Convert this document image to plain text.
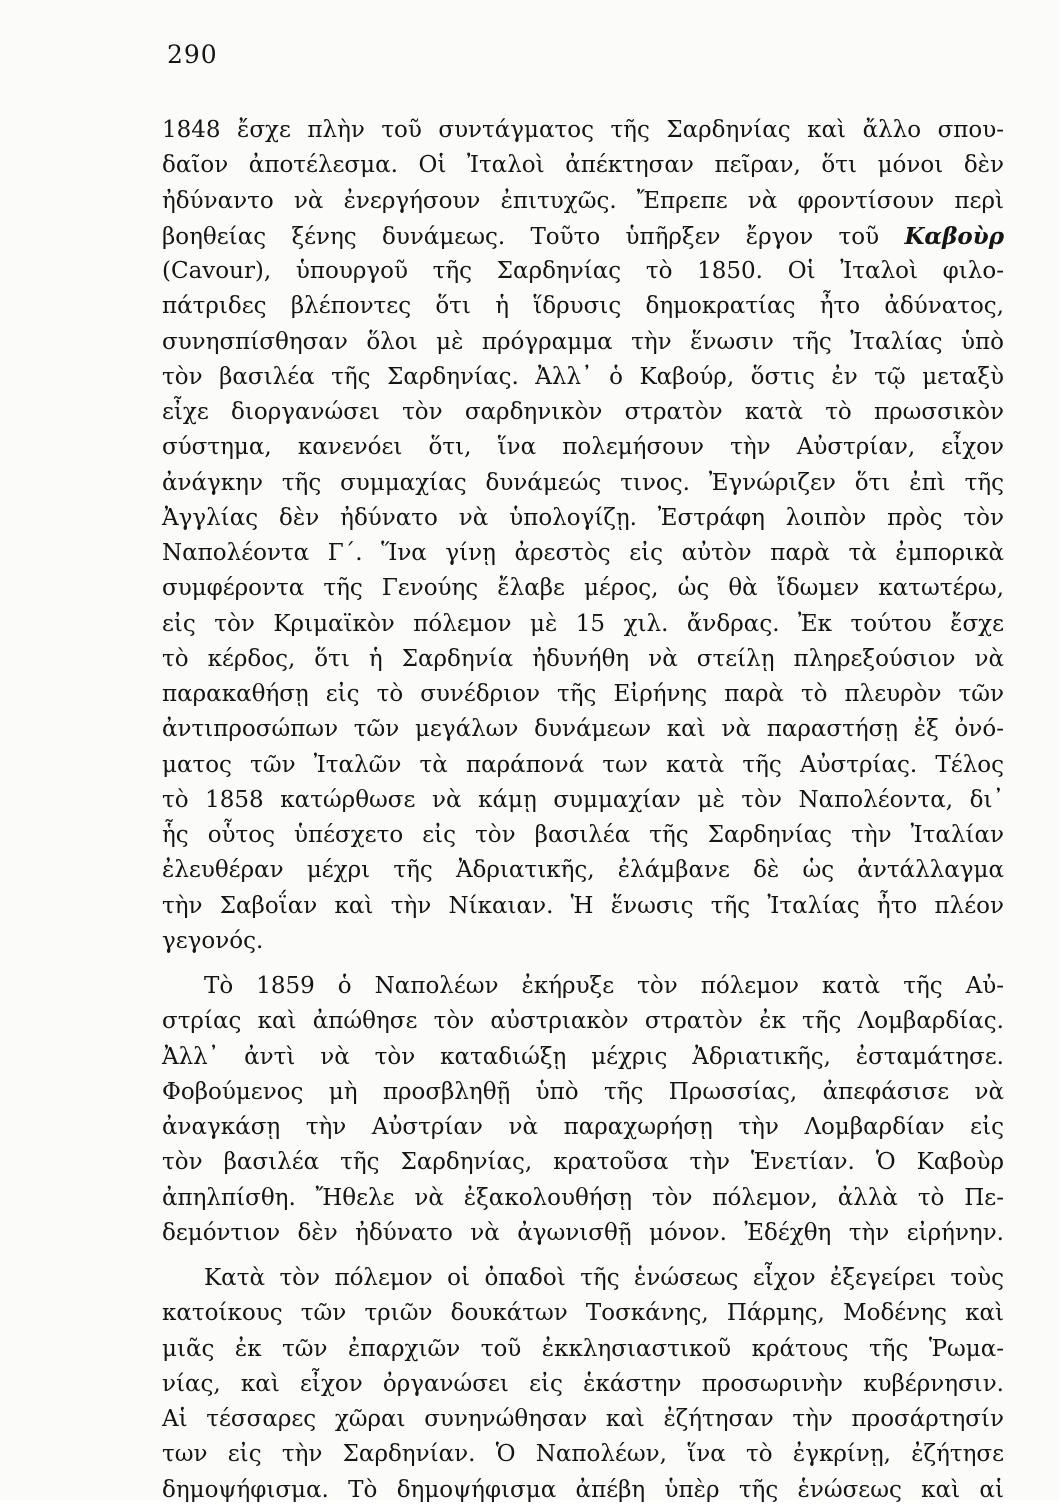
290
1848 ἔσχε πλὴν τοῦ συντάγματος τῆς Σαρδηνίας καὶ ἄλλο σπου-
δαῖον ἀποτέλεσμα. Οἱ Ἰταλοὶ ἀπέκτησαν πεῖραν, ὅτι μόνοι δὲν
ἠδύναντο νὰ ἐνεργήσουν ἐπιτυχῶς. Ἔπρεπε νὰ φροντίσουν περὶ
βοηθείας ξένης δυνάμεως. Τοῦτο ὑπῆρξεν ἔργον τοῦ Καβοὺρ
(Cavour), ὑπουργοῦ τῆς Σαρδηνίας τὸ 1850. Οἱ Ἰταλοὶ φιλο-
πάτριδες βλέποντες ὅτι ἡ ἵδρυσις δημοκρατίας ἦτο ἀδύνατος,
συνησπίσθησαν ὅλοι μὲ πρόγραμμα τὴν ἕνωσιν τῆς Ἰταλίας ὑπὸ
τὸν βασιλέα τῆς Σαρδηνίας. Ἀλλ᾽ ὁ Καβούρ, ὅστις ἐν τῷ μεταξὺ
εἶχε διοργανώσει τὸν σαρδηνικὸν στρατὸν κατὰ τὸ πρωσσικὸν
σύστημα, κανενόει ὅτι, ἵνα πολεμήσουν τὴν Αὐστρίαν, εἶχον
ἀνάγκην τῆς συμμαχίας δυνάμεώς τινος. Ἐγνώριζεν ὅτι ἐπὶ τῆς
Ἀγγλίας δὲν ἠδύνατο νὰ ὑπολογίζῃ. Ἐστράφη λοιπὸν πρὸς τὸν
Ναπολέοντα Γ΄. Ἵνα γίνῃ ἀρεστὸς εἰς αὐτὸν παρὰ τὰ ἐμπορικὰ
συμφέροντα τῆς Γενούης ἔλαβε μέρος, ὡς θὰ ἴδωμεν κατωτέρω,
εἰς τὸν Κριμαϊκὸν πόλεμον μὲ 15 χιλ. ἄνδρας. Ἐκ τούτου ἔσχε
τὸ κέρδος, ὅτι ἡ Σαρδηνία ἠδυνήθη νὰ στείλῃ πληρεξούσιον νὰ
παρακαθήσῃ εἰς τὸ συνέδριον τῆς Εἰρήνης παρὰ τὸ πλευρὸν τῶν
ἀντιπροσώπων τῶν μεγάλων δυνάμεων καὶ νὰ παραστήσῃ ἐξ ὀνό-
ματος τῶν Ἰταλῶν τὰ παράπονά των κατὰ τῆς Αὐστρίας. Τέλος
τὸ 1858 κατώρθωσε νὰ κάμῃ συμμαχίαν μὲ τὸν Ναπολέοντα, δι᾽
ἧς οὗτος ὑπέσχετο εἰς τὸν βασιλέα τῆς Σαρδηνίας τὴν Ἰταλίαν
ἐλευθέραν μέχρι τῆς Ἀδριατικῆς, ἐλάμβανε δὲ ὡς ἀντάλλαγμα
τὴν Σαβοΐαν καὶ τὴν Νίκαιαν. Ἡ ἕνωσις τῆς Ἰταλίας ἦτο πλέον
γεγονός.
Τὸ 1859 ὁ Ναπολέων ἐκήρυξε τὸν πόλεμον κατὰ τῆς Αὐ-
στρίας καὶ ἀπώθησε τὸν αὐστριακὸν στρατὸν ἐκ τῆς Λομβαρδίας.
Ἀλλ᾽ ἀντὶ νὰ τὸν καταδιώξῃ μέχρις Ἀδριατικῆς, ἐσταμάτησε.
Φοβούμενος μὴ προσβληθῇ ὑπὸ τῆς Πρωσσίας, ἀπεφάσισε νὰ
ἀναγκάσῃ τὴν Αὐστρίαν νὰ παραχωρήσῃ τὴν Λομβαρδίαν εἰς
τὸν βασιλέα τῆς Σαρδηνίας, κρατοῦσα τὴν Ἑνετίαν. Ὁ Καβοὺρ
ἀπηλπίσθη. Ἤθελε νὰ ἐξακολουθήσῃ τὸν πόλεμον, ἀλλὰ τὸ Πε-
δεμόντιον δὲν ἠδύνατο νὰ ἀγωνισθῇ μόνον. Ἐδέχθη τὴν εἰρήνην.
Κατὰ τὸν πόλεμον οἱ ὀπαδοὶ τῆς ἑνώσεως εἶχον ἐξεγείρει τοὺς
κατοίκους τῶν τριῶν δουκάτων Τοσκάνης, Πάρμης, Μοδένης καὶ
μιᾶς ἐκ τῶν ἐπαρχιῶν τοῦ ἐκκλησιαστικοῦ κράτους τῆς Ῥωμα-
νίας, καὶ εἶχον ὀργανώσει εἰς ἑκάστην προσωρινὴν κυβέρνησιν.
Αἱ τέσσαρες χῶραι συνηνώθησαν καὶ ἐζήτησαν τὴν προσάρτησίν
των εἰς τὴν Σαρδηνίαν. Ὁ Ναπολέων, ἵνα τὸ ἐγκρίνῃ, ἐζήτησε
δημοψήφισμα. Τὸ δημοψήφισμα ἀπέβη ὑπὲρ τῆς ἑνώσεως καὶ αἱ
